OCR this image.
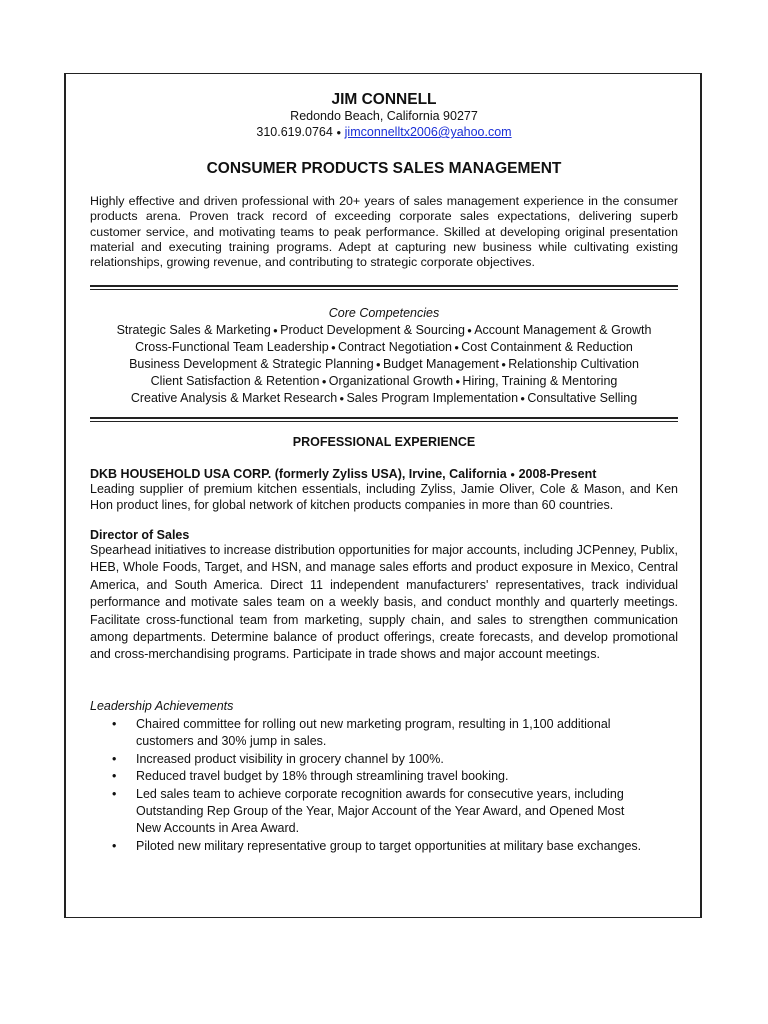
JIM CONNELL
Redondo Beach, California 90277
310.619.0764 ● jimconnelltx2006@yahoo.com
CONSUMER PRODUCTS SALES MANAGEMENT

Highly effective and driven professional with 20+ years of sales management experience in the consumer products arena. Proven track record of exceeding corporate sales expectations, delivering superb customer service, and motivating teams to peak performance. Skilled at developing original presentation material and executing training programs. Adept at capturing new business while cultivating existing relationships, growing revenue, and contributing to strategic corporate objectives.

Core Competencies
Strategic Sales & Marketing ● Product Development & Sourcing ● Account Management & Growth
Cross-Functional Team Leadership ● Contract Negotiation ● Cost Containment & Reduction
Business Development & Strategic Planning ● Budget Management ● Relationship Cultivation
Client Satisfaction & Retention ● Organizational Growth ● Hiring, Training & Mentoring
Creative Analysis & Market Research ● Sales Program Implementation ● Consultative Selling
PROFESSIONAL EXPERIENCE
DKB HOUSEHOLD USA CORP. (formerly Zyliss USA), Irvine, California ● 2008-Present
Leading supplier of premium kitchen essentials, including Zyliss, Jamie Oliver, Cole & Mason, and Ken Hon product lines, for global network of kitchen products companies in more than 60 countries.
Director of Sales
Spearhead initiatives to increase distribution opportunities for major accounts, including JCPenney, Publix, HEB, Whole Foods, Target, and HSN, and manage sales efforts and product exposure in Mexico, Central America, and South America. Direct 11 independent manufacturers' representatives, track individual performance and motivate sales team on a weekly basis, and conduct monthly and quarterly meetings. Facilitate cross-functional team from marketing, supply chain, and sales to strengthen communication among departments. Determine balance of product offerings, create forecasts, and develop promotional and cross-merchandising programs. Participate in trade shows and major account meetings.
Leadership Achievements
• Chaired committee for rolling out new marketing program, resulting in 1,100 additional customers and 30% jump in sales.
• Increased product visibility in grocery channel by 100%.
• Reduced travel budget by 18% through streamlining travel booking.
• Led sales team to achieve corporate recognition awards for consecutive years, including Outstanding Rep Group of the Year, Major Account of the Year Award, and Opened Most New Accounts in Area Award.
• Piloted new military representative group to target opportunities at military base exchanges.
